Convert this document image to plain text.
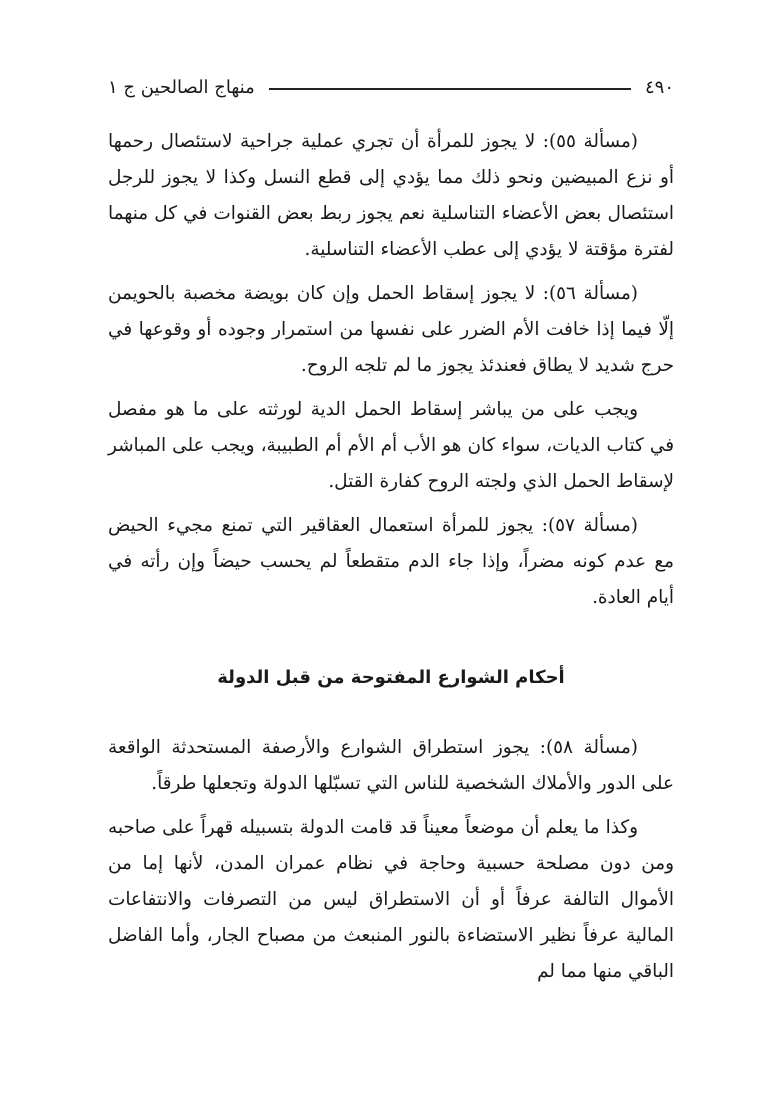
٤٩٠
منهاج الصالحين ج ١

(مسألة ٥٥): لا يجوز للمرأة أن تجري عملية جراحية لاستئصال رحمها أو نزع المبيضين ونحو ذلك مما يؤدي إلى قطع النسل وكذا لا يجوز للرجل استئصال بعض الأعضاء التناسلية نعم يجوز ربط بعض القنوات في كل منهما لفترة مؤقتة لا يؤدي إلى عطب الأعضاء التناسلية.

(مسألة ٥٦): لا يجوز إسقاط الحمل وإن كان بويضة مخصبة بالحويمن إلّا فيما إذا خافت الأم الضرر على نفسها من استمرار وجوده أو وقوعها في حرج شديد لا يطاق فعندئذ يجوز ما لم تلجه الروح.

ويجب على من يباشر إسقاط الحمل الدية لورثته على ما هو مفصل في كتاب الديات، سواء كان هو الأب أم الأم أم الطبيبة، ويجب على المباشر لإسقاط الحمل الذي ولجته الروح كفارة القتل.

(مسألة ٥٧): يجوز للمرأة استعمال العقاقير التي تمنع مجيء الحيض مع عدم كونه مضراً، وإذا جاء الدم متقطعاً لم يحسب حيضاً وإن رأته في أيام العادة.

أحكام الشوارع المفتوحة من قبل الدولة

(مسألة ٥٨): يجوز استطراق الشوارع والأرصفة المستحدثة الواقعة على الدور والأملاك الشخصية للناس التي تسبّلها الدولة وتجعلها طرقاً.

وكذا ما يعلم أن موضعاً معيناً قد قامت الدولة بتسبيله قهراً على صاحبه ومن دون مصلحة حسبية وحاجة في نظام عمران المدن، لأنها إما من الأموال التالفة عرفاً أو أن الاستطراق ليس من التصرفات والانتفاعات المالية عرفاً نظير الاستضاءة بالنور المنبعث من مصباح الجار، وأما الفاضل الباقي منها مما لم
